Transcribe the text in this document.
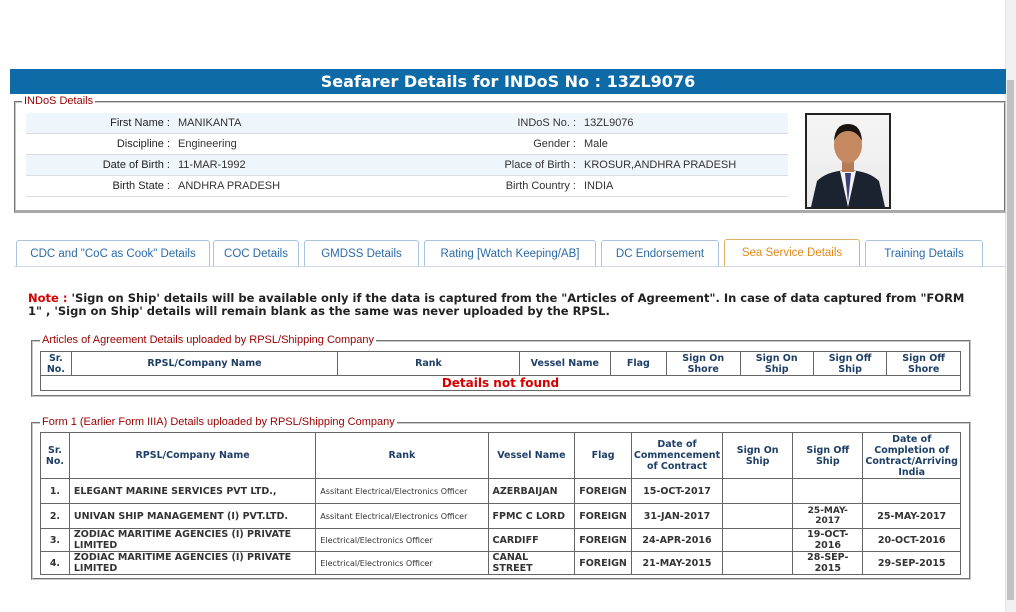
Seafarer Details for INDoS No : 13ZL9076
INDoS Details
First Name :	MANIKANTA	INDoS No. :	13ZL9076
Discipline :	Engineering	Gender :	Male
Date of Birth :	11-MAR-1992	Place of Birth :	KROSUR,ANDHRA PRADESH
Birth State :	ANDHRA PRADESH	Birth Country :	INDIA
CDC and "CoC as Cook" Details	COC Details	GMDSS Details	Rating [Watch Keeping/AB]	DC Endorsement	Sea Service Details	Training Details
Note : 'Sign on Ship' details will be available only if the data is captured from the "Articles of Agreement". In case of data captured from "FORM 1" , 'Sign on Ship' details will remain blank as the same was never uploaded by the RPSL.
Articles of Agreement Details uploaded by RPSL/Shipping Company
Sr. No.	RPSL/Company Name	Rank	Vessel Name	Flag	Sign On Shore	Sign On Ship	Sign Off Ship	Sign Off Shore
Details not found
Form 1 (Earlier Form IIIA) Details uploaded by RPSL/Shipping Company
Sr. No.	RPSL/Company Name	Rank	Vessel Name	Flag	Date of Commencement of Contract	Sign On Ship	Sign Off Ship	Date of Completion of Contract/Arriving India
1.	ELEGANT MARINE SERVICES PVT LTD.,	Assitant Electrical/Electronics Officer	AZERBAIJAN	FOREIGN	15-OCT-2017			
2.	UNIVAN SHIP MANAGEMENT (I) PVT.LTD.	Assitant Electrical/Electronics Officer	FPMC C LORD	FOREIGN	31-JAN-2017		25-MAY-2017	25-MAY-2017
3.	ZODIAC MARITIME AGENCIES (I) PRIVATE LIMITED	Electrical/Electronics Officer	CARDIFF	FOREIGN	24-APR-2016		19-OCT-2016	20-OCT-2016
4.	ZODIAC MARITIME AGENCIES (I) PRIVATE LIMITED	Electrical/Electronics Officer	CANAL STREET	FOREIGN	21-MAY-2015		28-SEP-2015	29-SEP-2015
